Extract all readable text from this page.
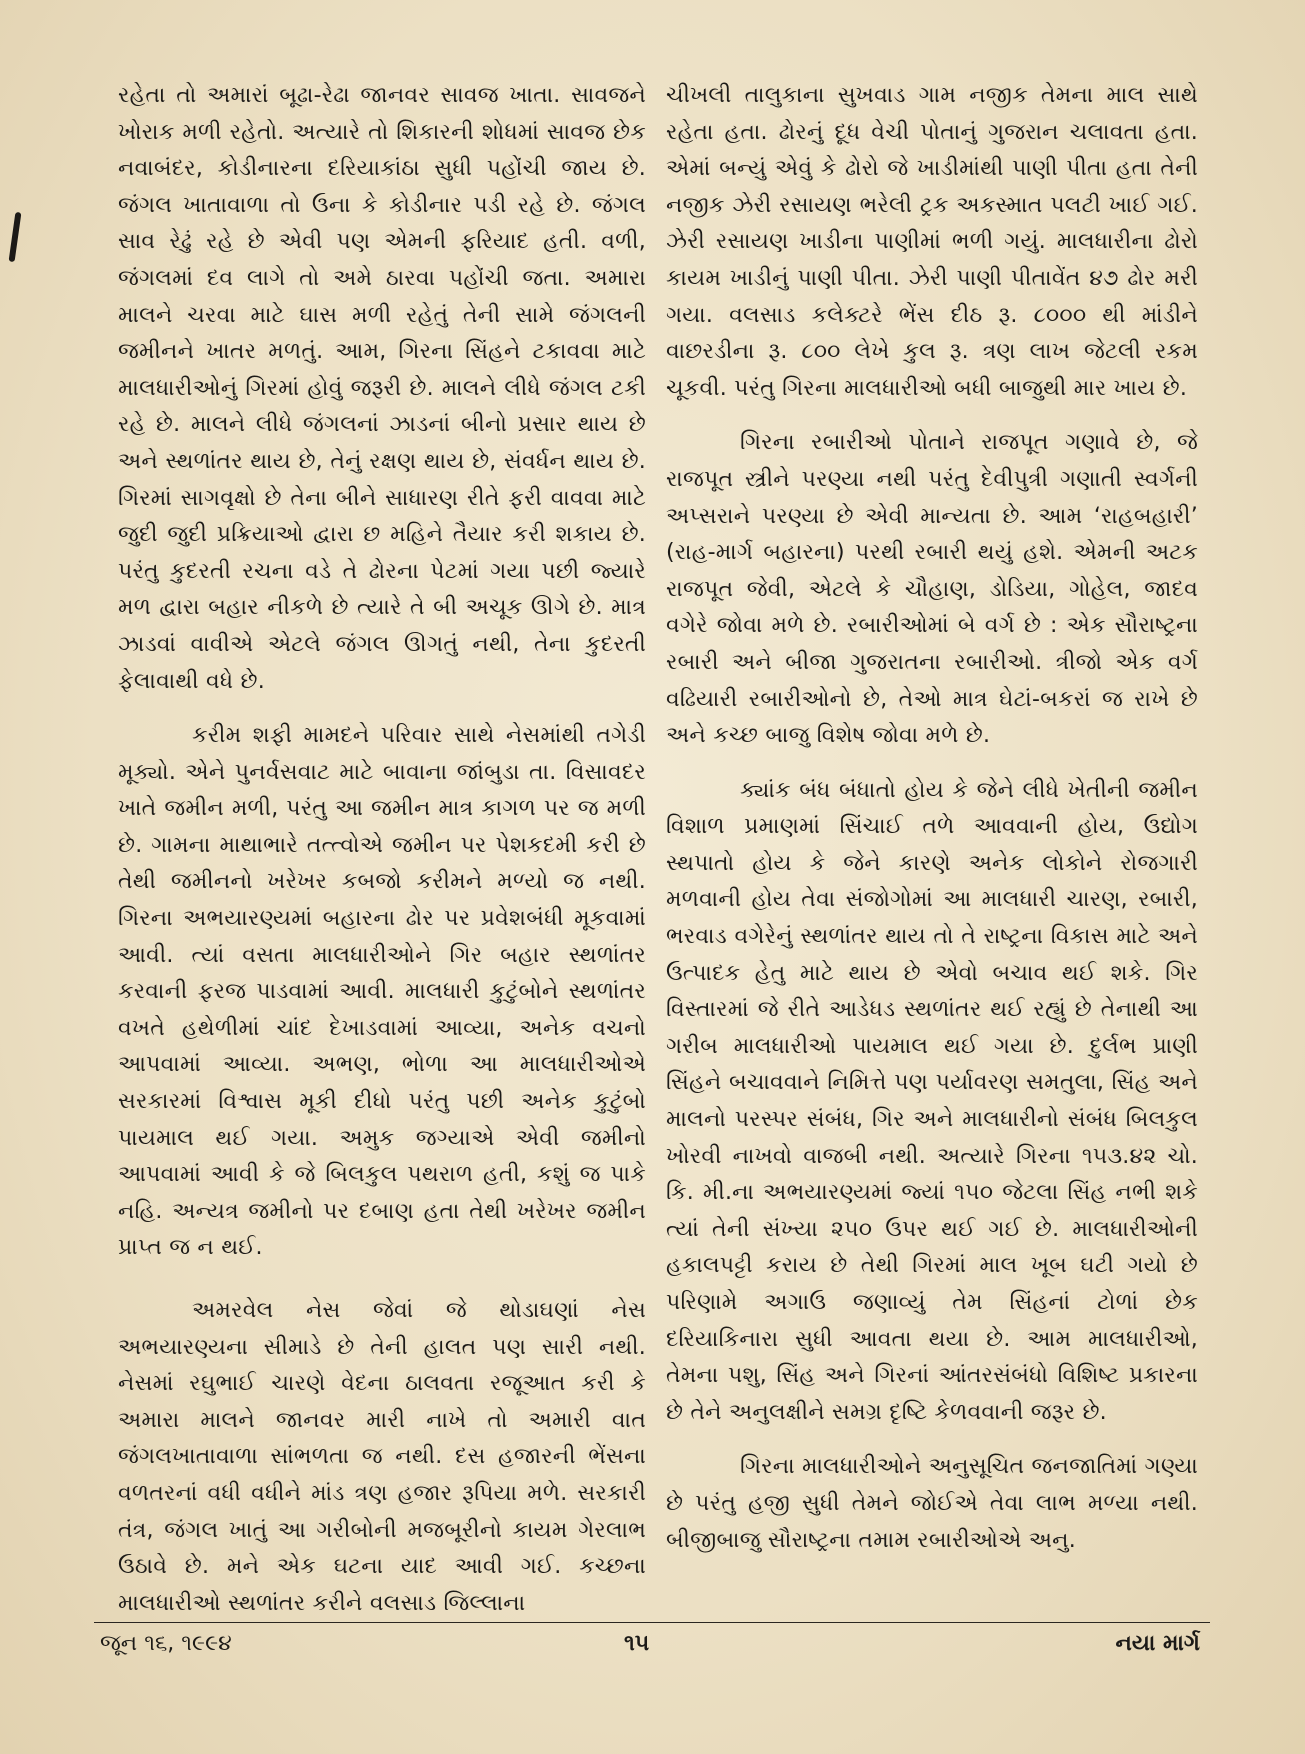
રહેતા તો અમારાં બૂઢા-રેઢા જાનવર સાવજ ખાતા. સાવજને ખોરાક મળી રહેતો. અત્યારે તો શિકારની શોધમાં સાવજ છેક નવાબંદર, કોડીનારના દરિયાકાંઠા સુધી પહોંચી જાય છે. જંગલ ખાતાવાળા તો ઉના કે કોડીનાર પડી રહે છે. જંગલ સાવ રેઢું રહે છે એવી પણ એમની ફરિયાદ હતી. વળી, જંગલમાં દવ લાગે તો અમે ઠારવા પહોંચી જતા. અમારા માલને ચરવા માટે ઘાસ મળી રહેતું તેની સામે જંગલની જમીનને ખાતર મળતું. આમ, ગિરના સિંહને ટકાવવા માટે માલધારીઓનું ગિરમાં હોવું જરૂરી છે. માલને લીધે જંગલ ટકી રહે છે. માલને લીધે જંગલનાં ઝાડનાં બીનો પ્રસાર થાય છે અને સ્થળાંતર થાય છે, તેનું રક્ષણ થાય છે, સંવર્ધન થાય છે. ગિરમાં સાગવૃક્ષો છે તેના બીને સાધારણ રીતે ફરી વાવવા માટે જુદી જુદી પ્રક્રિયાઓ દ્વારા છ મહિને તૈયાર કરી શકાય છે. પરંતુ કુદરતી રચના વડે તે ઢોરના પેટમાં ગયા પછી જ્યારે મળ દ્વારા બહાર નીકળે છે ત્યારે તે બી અચૂક ઊગે છે. માત્ર ઝાડવાં વાવીએ એટલે જંગલ ઊગતું નથી, તેના કુદરતી ફેલાવાથી વધે છે.

કરીમ શફી મામદને પરિવાર સાથે નેસમાંથી તગેડી મૂક્યો. એને પુનર્વસવાટ માટે બાવાના જાંબુડા તા. વિસાવદર ખાતે જમીન મળી, પરંતુ આ જમીન માત્ર કાગળ પર જ મળી છે. ગામના માથાભારે તત્ત્વોએ જમીન પર પેશકદમી કરી છે તેથી જમીનનો ખરેખર કબજો કરીમને મળ્યો જ નથી. ગિરના અભયારણ્યમાં બહારના ઢોર પર પ્રવેશબંધી મૂકવામાં આવી. ત્યાં વસતા માલધારીઓને ગિર બહાર સ્થળાંતર કરવાની ફરજ પાડવામાં આવી. માલધારી કુટુંબોને સ્થળાંતર વખતે હથેળીમાં ચાંદ દેખાડવામાં આવ્યા, અનેક વચનો આપવામાં આવ્યા. અભણ, ભોળા આ માલધારીઓએ સરકારમાં વિશ્વાસ મૂકી દીધો પરંતુ પછી અનેક કુટુંબો પાયમાલ થઈ ગયા. અમુક જગ્યાએ એવી જમીનો આપવામાં આવી કે જે બિલકુલ પથરાળ હતી, કશું જ પાકે નહિ. અન્યત્ર જમીનો પર દબાણ હતા તેથી ખરેખર જમીન પ્રાપ્ત જ ન થઈ.

અમરવેલ નેસ જેવાં જે થોડાઘણાં નેસ અભયારણ્યના સીમાડે છે તેની હાલત પણ સારી નથી. નેસમાં રઘુભાઈ ચારણે વેદના ઠાલવતા રજૂઆત કરી કે અમારા માલને જાનવર મારી નાખે તો અમારી વાત જંગલખાતાવાળા સાંભળતા જ નથી. દસ હજારની ભેંસના વળતરનાં વધી વધીને માંડ ત્રણ હજાર રૂપિયા મળે. સરકારી તંત્ર, જંગલ ખાતું આ ગરીબોની મજબૂરીનો કાયમ ગેરલાભ ઉઠાવે છે. મને એક ઘટના યાદ આવી ગઈ. કચ્છના માલધારીઓ સ્થળાંતર કરીને વલસાડ જિલ્લાના

ચીખલી તાલુકાના સુખવાડ ગામ નજીક તેમના માલ સાથે રહેતા હતા. ઢોરનું દૂધ વેચી પોતાનું ગુજરાન ચલાવતા હતા. એમાં બન્યું એવું કે ઢોરો જે ખાડીમાંથી પાણી પીતા હતા તેની નજીક ઝેરી રસાયણ ભરેલી ટ્રક અકસ્માત પલટી ખાઈ ગઈ. ઝેરી રસાયણ ખાડીના પાણીમાં ભળી ગયું. માલધારીના ઢોરો કાયમ ખાડીનું પાણી પીતા. ઝેરી પાણી પીતાવેંત ૪૭ ઢોર મરી ગયા. વલસાડ કલેક્ટરે ભેંસ દીઠ રૂ. ૮૦૦૦ થી માંડીને વાછરડીના રૂ. ૮૦૦ લેખે કુલ રૂ. ત્રણ લાખ જેટલી રકમ ચૂકવી. પરંતુ ગિરના માલધારીઓ બધી બાજુથી માર ખાય છે.

ગિરના રબારીઓ પોતાને રાજપૂત ગણાવે છે, જે રાજપૂત સ્ત્રીને પરણ્યા નથી પરંતુ દેવીપુત્રી ગણાતી સ્વર્ગની અપ્સરાને પરણ્યા છે એવી માન્યતા છે. આમ ‘રાહબહારી’ (રાહ-માર્ગ બહારના) પરથી રબારી થયું હશે. એમની અટક રાજપૂત જેવી, એટલે કે ચૌહાણ, ડોડિયા, ગોહેલ, જાદવ વગેરે જોવા મળે છે. રબારીઓમાં બે વર્ગ છે : એક સૌરાષ્ટ્રના રબારી અને બીજા ગુજરાતના રબારીઓ. ત્રીજો એક વર્ગ વઢિયારી રબારીઓનો છે, તેઓ માત્ર ઘેટાં-બકરાં જ રાખે છે અને કચ્છ બાજુ વિશેષ જોવા મળે છે.

ક્યાંક બંધ બંધાતો હોય કે જેને લીધે ખેતીની જમીન વિશાળ પ્રમાણમાં સિંચાઈ તળે આવવાની હોય, ઉદ્યોગ સ્થપાતો હોય કે જેને કારણે અનેક લોકોને રોજગારી મળવાની હોય તેવા સંજોગોમાં આ માલધારી ચારણ, રબારી, ભરવાડ વગેરેનું સ્થળાંતર થાય તો તે રાષ્ટ્રના વિકાસ માટે અને ઉત્પાદક હેતુ માટે થાય છે એવો બચાવ થઈ શકે. ગિર વિસ્તારમાં જે રીતે આડેધડ સ્થળાંતર થઈ રહ્યું છે તેનાથી આ ગરીબ માલધારીઓ પાયમાલ થઈ ગયા છે. દુર્લભ પ્રાણી સિંહને બચાવવાને નિમિત્તે પણ પર્યાવરણ સમતુલા, સિંહ અને માલનો પરસ્પર સંબંધ, ગિર અને માલધારીનો સંબંધ બિલકુલ ખોરવી નાખવો વાજબી નથી. અત્યારે ગિરના ૧૫૩.૪૨ ચો. કિ. મી.ના અભયારણ્યમાં જ્યાં ૧૫૦ જેટલા સિંહ નભી શકે ત્યાં તેની સંખ્યા ૨૫૦ ઉપર થઈ ગઈ છે. માલધારીઓની હકાલપટ્ટી કરાય છે તેથી ગિરમાં માલ ખૂબ ઘટી ગયો છે પરિણામે અગાઉ જણાવ્યું તેમ સિંહનાં ટોળાં છેક દરિયાકિનારા સુધી આવતા થયા છે. આમ માલધારીઓ, તેમના પશુ, સિંહ અને ગિરનાં આંતરસંબંધો વિશિષ્ટ પ્રકારના છે તેને અનુલક્ષીને સમગ્ર દૃષ્ટિ કેળવવાની જરૂર છે.

ગિરના માલધારીઓને અનુસૂચિત જનજાતિમાં ગણ્યા છે પરંતુ હજી સુધી તેમને જોઈએ તેવા લાભ મળ્યા નથી. બીજીબાજુ સૌરાષ્ટ્રના તમામ રબારીઓએ અનુ.

જૂન ૧૬, ૧૯૯૪	૧૫	નયા માર્ગ
